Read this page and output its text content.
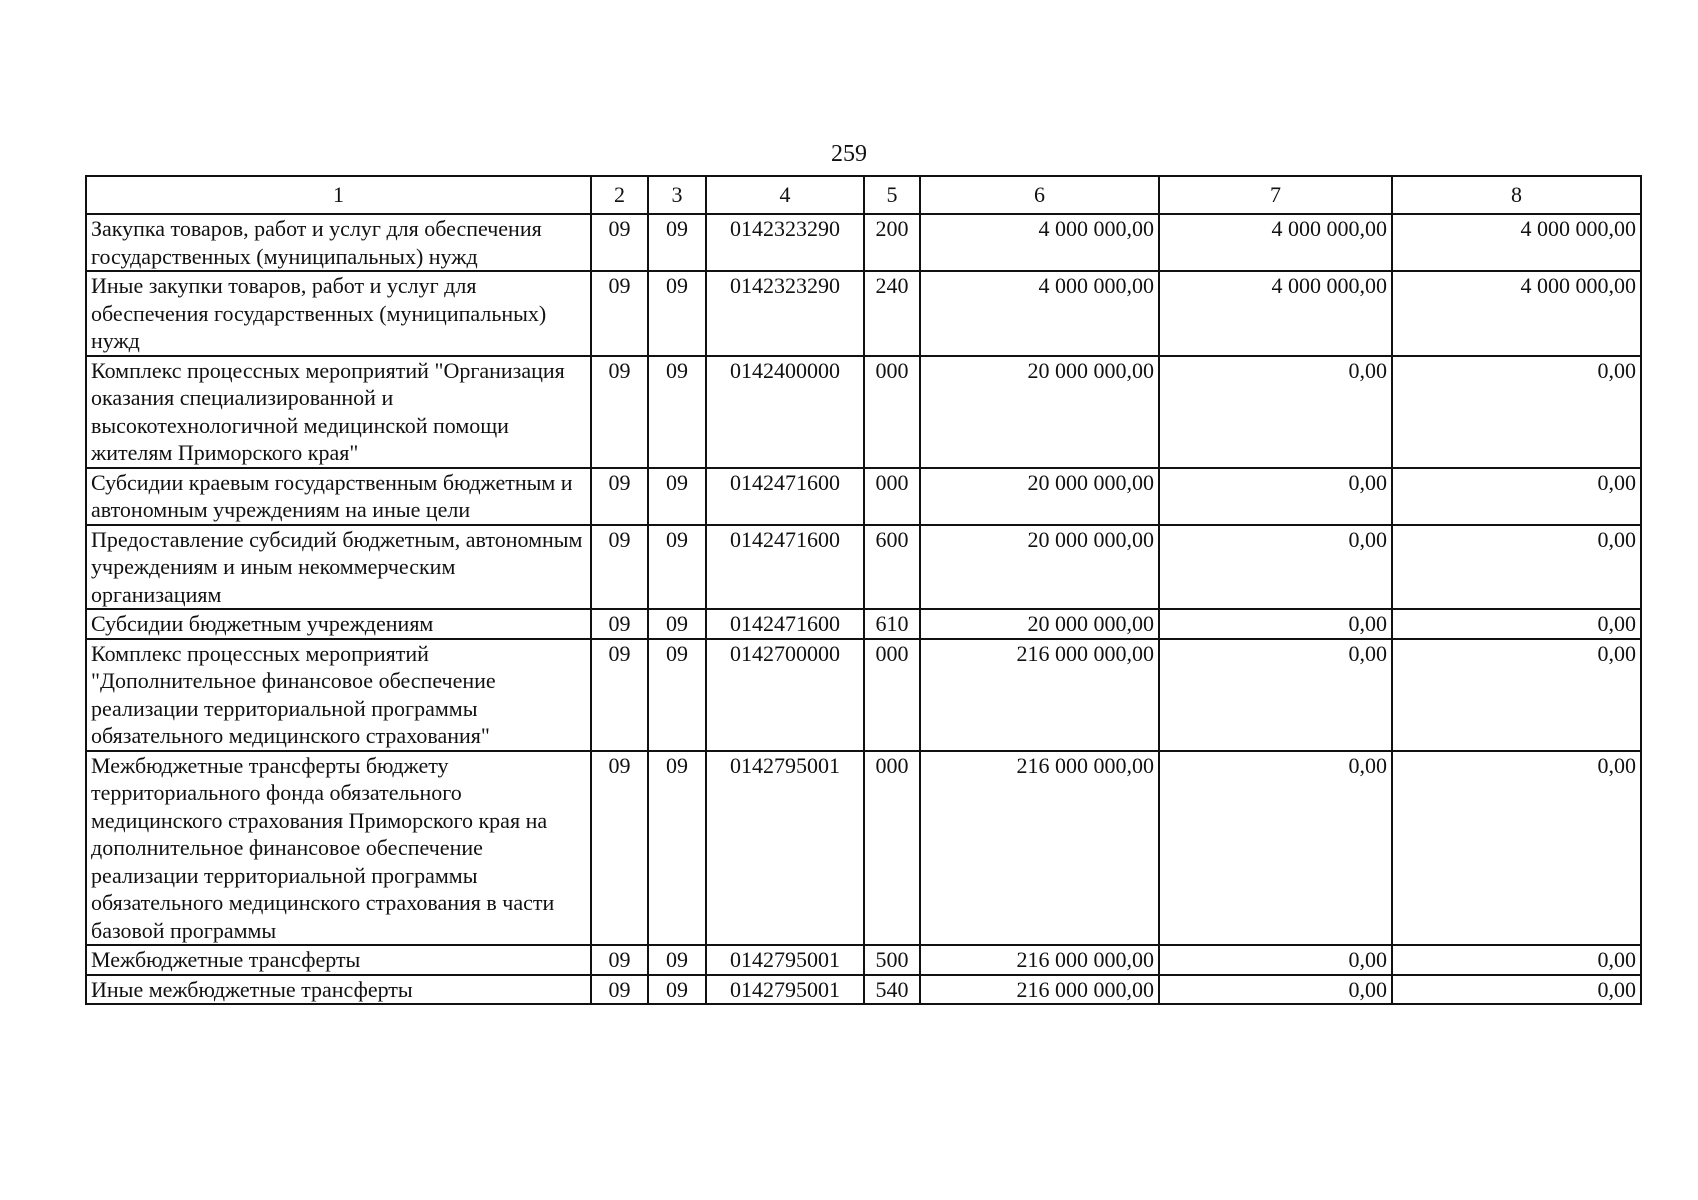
259
1	2	3	4	5	6	7	8
Закупка товаров, работ и услуг для обеспечения государственных (муниципальных) нужд	09	09	0142323290	200	4 000 000,00	4 000 000,00	4 000 000,00
Иные закупки товаров, работ и услуг для обеспечения государственных (муниципальных) нужд	09	09	0142323290	240	4 000 000,00	4 000 000,00	4 000 000,00
Комплекс процессных мероприятий "Организация оказания специализированной и высокотехнологичной медицинской помощи жителям Приморского края"	09	09	0142400000	000	20 000 000,00	0,00	0,00
Субсидии краевым государственным бюджетным и автономным учреждениям на иные цели	09	09	0142471600	000	20 000 000,00	0,00	0,00
Предоставление субсидий бюджетным, автономным учреждениям и иным некоммерческим организациям	09	09	0142471600	600	20 000 000,00	0,00	0,00
Субсидии бюджетным учреждениям	09	09	0142471600	610	20 000 000,00	0,00	0,00
Комплекс процессных мероприятий "Дополнительное финансовое обеспечение реализации территориальной программы обязательного медицинского страхования"	09	09	0142700000	000	216 000 000,00	0,00	0,00
Межбюджетные трансферты бюджету территориального фонда обязательного медицинского страхования Приморского края на дополнительное финансовое обеспечение реализации территориальной программы обязательного медицинского страхования в части базовой программы	09	09	0142795001	000	216 000 000,00	0,00	0,00
Межбюджетные трансферты	09	09	0142795001	500	216 000 000,00	0,00	0,00
Иные межбюджетные трансферты	09	09	0142795001	540	216 000 000,00	0,00	0,00
